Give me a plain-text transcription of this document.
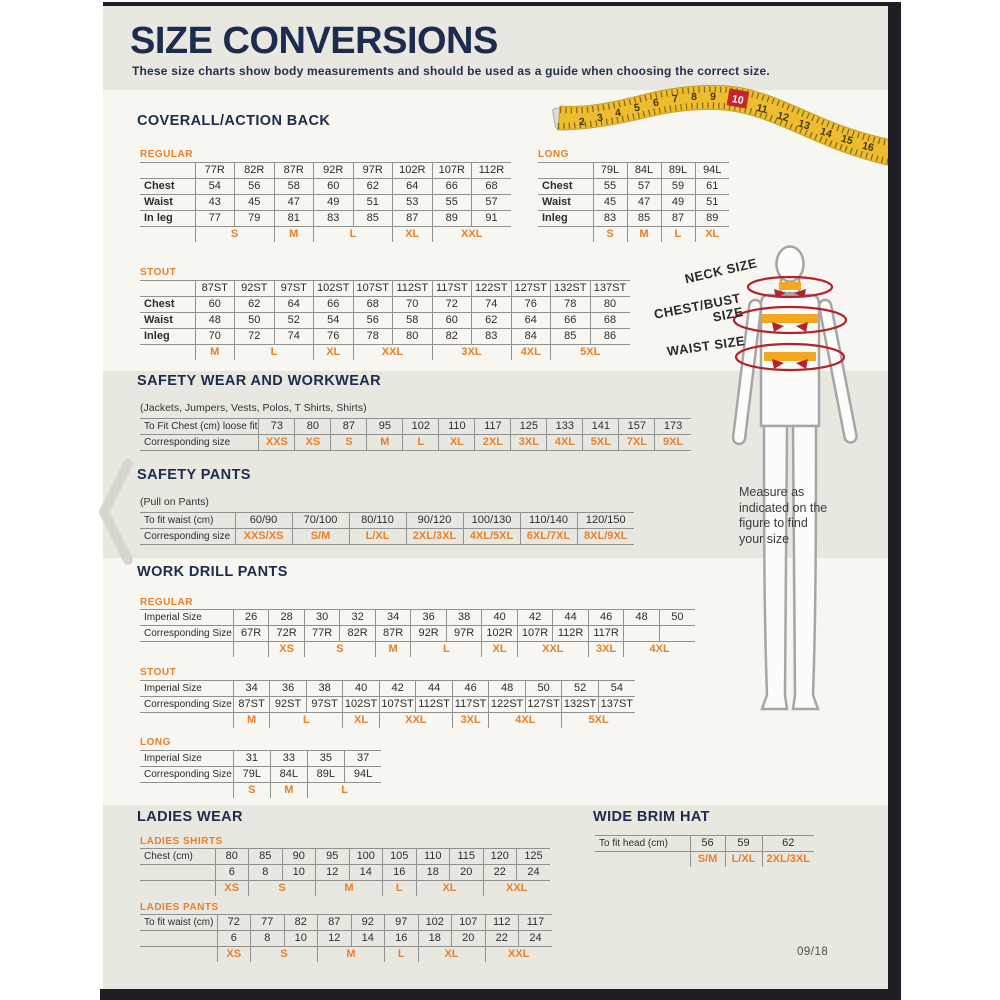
SIZE CONVERSIONS
These size charts show body measurements and should be used as a guide when choosing the correct size.
2 3 4 5 6 7 8 9 10
11
12
13
14 15 16
COVERALL/ACTION BACK
REGULAR
	77R	82R	87R	92R	97R	102R	107R	112R
Chest	54	56	58	60	62	64	66	68
Waist	43	45	47	49	51	53	55	57
In leg	77	79	81	83	85	87	89	91
	S		M	L		XL	XXL	
LONG
	79L	84L	89L	94L
Chest	55	57	59	61
Waist	45	47	49	51
Inleg	83	85	87	89
	S	M	L	XL
STOUT
	87ST	92ST	97ST	102ST	107ST	112ST	117ST	122ST	127ST	132ST	137ST
Chest	60	62	64	66	68	70	72	74	76	78	80
Waist	48	50	52	54	56	58	60	62	64	66	68
Inleg	70	72	74	76	78	80	82	83	84	85	86
	M	L		XL	XXL		3XL		4XL	5XL	
SAFETY WEAR AND WORKWEAR
(Jackets, Jumpers, Vests, Polos, T Shirts, Shirts)
To Fit Chest (cm) loose fit	73	80	87	95	102	110	117	125	133	141	157	173
Corresponding size	XXS	XS	S	M	L	XL	2XL	3XL	4XL	5XL	7XL	9XL
SAFETY PANTS
(Pull on Pants)
To fit waist (cm)	60/90	70/100	80/110	90/120	100/130	110/140	120/150
Corresponding size	XXS/XS	S/M	L/XL	2XL/3XL	4XL/5XL	6XL/7XL	8XL/9XL
WORK DRILL PANTS
REGULAR
Imperial Size	26	28	30	32	34	36	38	40	42	44	46	48	50
Corresponding Size	67R	72R	77R	82R	87R	92R	97R	102R	107R	112R	117R		
		XS	S		M	L		XL	XXL		3XL	4XL	
STOUT
Imperial Size	34	36	38	40	42	44	46	48	50	52	54
Corresponding Size	87ST	92ST	97ST	102ST	107ST	112ST	117ST	122ST	127ST	132ST	137ST
	M	L		XL	XXL		3XL	4XL		5XL	
LONG
Imperial Size	31	33	35	37
Corresponding Size	79L	84L	89L	94L
	S	M	L	
LADIES WEAR
LADIES SHIRTS
Chest (cm)	80	85	90	95	100	105	110	115	120	125
	6	8	10	12	14	16	18	20	22	24
	XS	S		M		L	XL		XXL	
LADIES PANTS
To fit waist (cm)	72	77	82	87	92	97	102	107	112	117
	6	8	10	12	14	16	18	20	22	24
	XS	S		M		L	XL		XXL	
WIDE BRIM HAT
To fit head (cm)	56	59	62
	S/M	L/XL	2XL/3XL
NECK SIZE
CHEST/BUST SIZE
WAIST SIZE
Measure as indicated on the figure to find your size
09/18
